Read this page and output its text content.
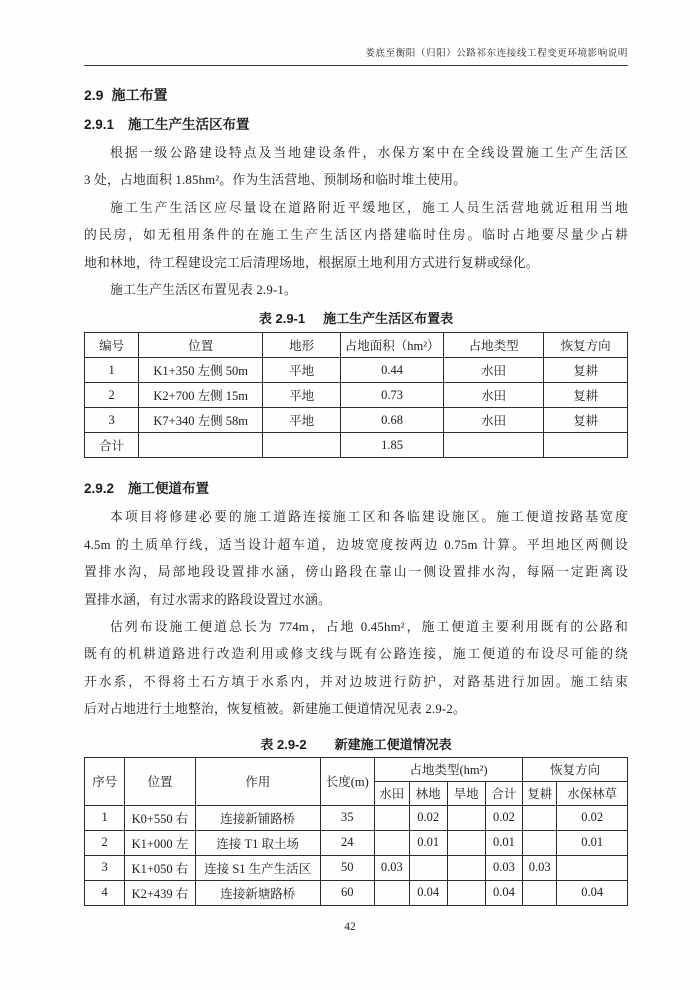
娄底至衡阳（归阳）公路祁东连接线工程变更环境影响说明
2.9 施工布置
2.9.1 施工生产生活区布置
根据一级公路建设特点及当地建设条件，水保方案中在全线设置施工生产生活区
3 处，占地面积 1.85hm²。作为生活营地、预制场和临时堆土使用。
施工生产生活区应尽量设在道路附近平缓地区，施工人员生活营地就近租用当地
的民房，如无租用条件的在施工生产生活区内搭建临时住房。临时占地要尽量少占耕
地和林地，待工程建设完工后清理场地，根据原土地利用方式进行复耕或绿化。
施工生产生活区布置见表 2.9-1。
表 2.9-1 施工生产生活区布置表
编号	位置	地形	占地面积（hm²）	占地类型	恢复方向
1	K1+350 左侧 50m	平地	0.44	水田	复耕
2	K2+700 左侧 15m	平地	0.73	水田	复耕
3	K7+340 左侧 58m	平地	0.68	水田	复耕
合计			1.85		
2.9.2 施工便道布置
本项目将修建必要的施工道路连接施工区和各临建设施区。施工便道按路基宽度
4.5m 的土质单行线，适当设计超车道，边坡宽度按两边 0.75m 计算。平坦地区两侧设
置排水沟，局部地段设置排水涵，傍山路段在靠山一侧设置排水沟，每隔一定距离设
置排水涵，有过水需求的路段设置过水涵。
估列布设施工便道总长为 774m，占地 0.45hm²，施工便道主要利用既有的公路和
既有的机耕道路进行改造利用或修支线与既有公路连接，施工便道的布设尽可能的绕
开水系，不得将土石方填于水系内，并对边坡进行防护，对路基进行加固。施工结束
后对占地进行土地整治，恢复植被。新建施工便道情况见表 2.9-2。
表 2.9-2 新建施工便道情况表
序号	位置	作用	长度(m)	占地类型(hm²)				恢复方向	
				水田	林地	旱地	合计	复耕	水保林草
1	K0+550 右	连接新铺路桥	35		0.02		0.02		0.02
2	K1+000 左	连接 T1 取土场	24		0.01		0.01		0.01
3	K1+050 右	连接 S1 生产生活区	50	0.03			0.03	0.03	
4	K2+439 右	连接新塘路桥	60		0.04		0.04		0.04
42
